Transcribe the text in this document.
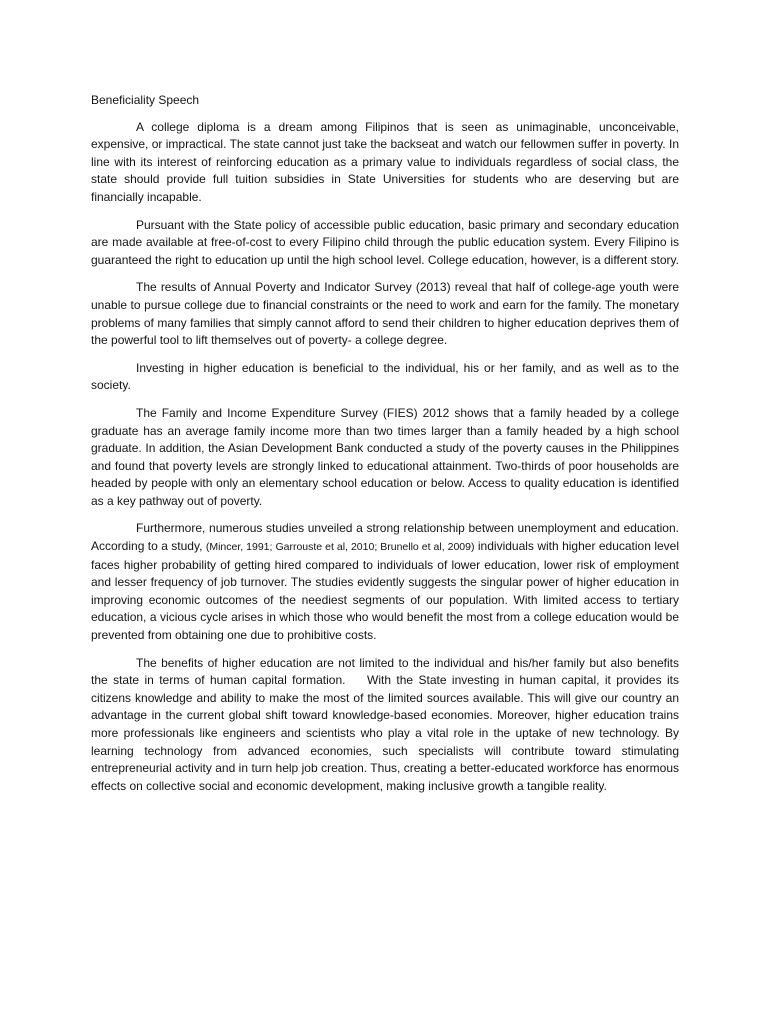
Beneficiality Speech

A college diploma is a dream among Filipinos that is seen as unimaginable, unconceivable, expensive, or impractical. The state cannot just take the backseat and watch our fellowmen suffer in poverty. In line with its interest of reinforcing education as a primary value to individuals regardless of social class, the state should provide full tuition subsidies in State Universities for students who are deserving but are financially incapable.

Pursuant with the State policy of accessible public education, basic primary and secondary education are made available at free-of-cost to every Filipino child through the public education system. Every Filipino is guaranteed the right to education up until the high school level. College education, however, is a different story.

The results of Annual Poverty and Indicator Survey (2013) reveal that half of college-age youth were unable to pursue college due to financial constraints or the need to work and earn for the family. The monetary problems of many families that simply cannot afford to send their children to higher education deprives them of the powerful tool to lift themselves out of poverty- a college degree.

Investing in higher education is beneficial to the individual, his or her family, and as well as to the society.

The Family and Income Expenditure Survey (FIES) 2012 shows that a family headed by a college graduate has an average family income more than two times larger than a family headed by a high school graduate. In addition, the Asian Development Bank conducted a study of the poverty causes in the Philippines and found that poverty levels are strongly linked to educational attainment. Two-thirds of poor households are headed by people with only an elementary school education or below. Access to quality education is identified as a key pathway out of poverty.

Furthermore, numerous studies unveiled a strong relationship between unemployment and education. According to a study, (Mincer, 1991; Garrouste et al, 2010; Brunello et al, 2009) individuals with higher education level faces higher probability of getting hired compared to individuals of lower education, lower risk of employment and lesser frequency of job turnover. The studies evidently suggests the singular power of higher education in improving economic outcomes of the neediest segments of our population. With limited access to tertiary education, a vicious cycle arises in which those who would benefit the most from a college education would be prevented from obtaining one due to prohibitive costs.

The benefits of higher education are not limited to the individual and his/her family but also benefits the state in terms of human capital formation.    With the State investing in human capital, it provides its citizens knowledge and ability to make the most of the limited sources available. This will give our country an advantage in the current global shift toward knowledge-based economies. Moreover, higher education trains more professionals like engineers and scientists who play a vital role in the uptake of new technology. By learning technology from advanced economies, such specialists will contribute toward stimulating entrepreneurial activity and in turn help job creation. Thus, creating a better-educated workforce has enormous effects on collective social and economic development, making inclusive growth a tangible reality.
